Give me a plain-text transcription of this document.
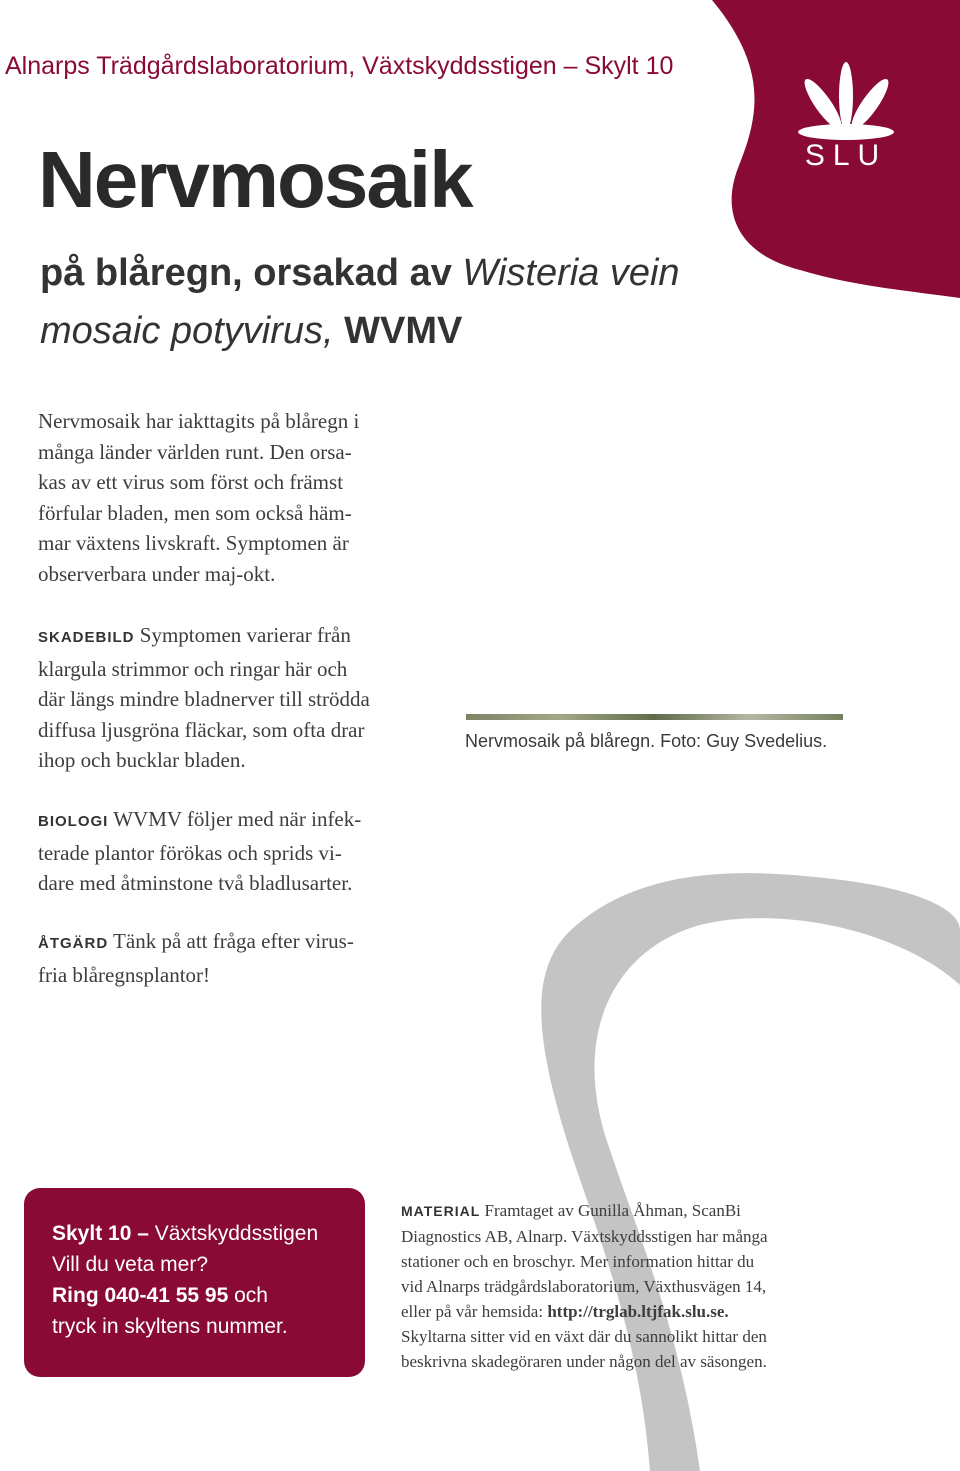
SLU
Alnarps Trädgårdslaboratorium, Växtskyddsstigen – Skylt 10
Nervmosaik
på blåregn, orsakad av Wisteria vein mosaic potyvirus, WVMV

Nervmosaik har iakttagits på blåregn i
många länder världen runt. Den orsa-
kas av ett virus som först och främst
förfular bladen, men som också häm-
mar växtens livskraft. Symptomen är
observerbara under maj-okt.

SKADEBILD Symptomen varierar från
klargula strimmor och ringar här och
där längs mindre bladnerver till strödda
diffusa ljusgröna fläckar, som ofta drar
ihop och bucklar bladen.

BIOLOGI WVMV följer med när infek-
terade plantor förökas och sprids vi-
dare med åtminstone två bladlusarter.

ÅTGÄRD Tänk på att fråga efter virus-
fria blåregnsplantor!

Nervmosaik på blåregn. Foto: Guy Svedelius.
Skylt 10 – Växtskyddsstigen
Vill du veta mer?
Ring 040-41 55 95 och
tryck in skyltens nummer.
MATERIAL Framtaget av Gunilla Åhman, ScanBi
Diagnostics AB, Alnarp. Växtskyddsstigen har många
stationer och en broschyr. Mer information hittar du
vid Alnarps trädgårdslaboratorium, Växthusvägen 14,
eller på vår hemsida: http://trglab.ltjfak.slu.se.
Skyltarna sitter vid en växt där du sannolikt hittar den
beskrivna skadegöraren under någon del av säsongen.
